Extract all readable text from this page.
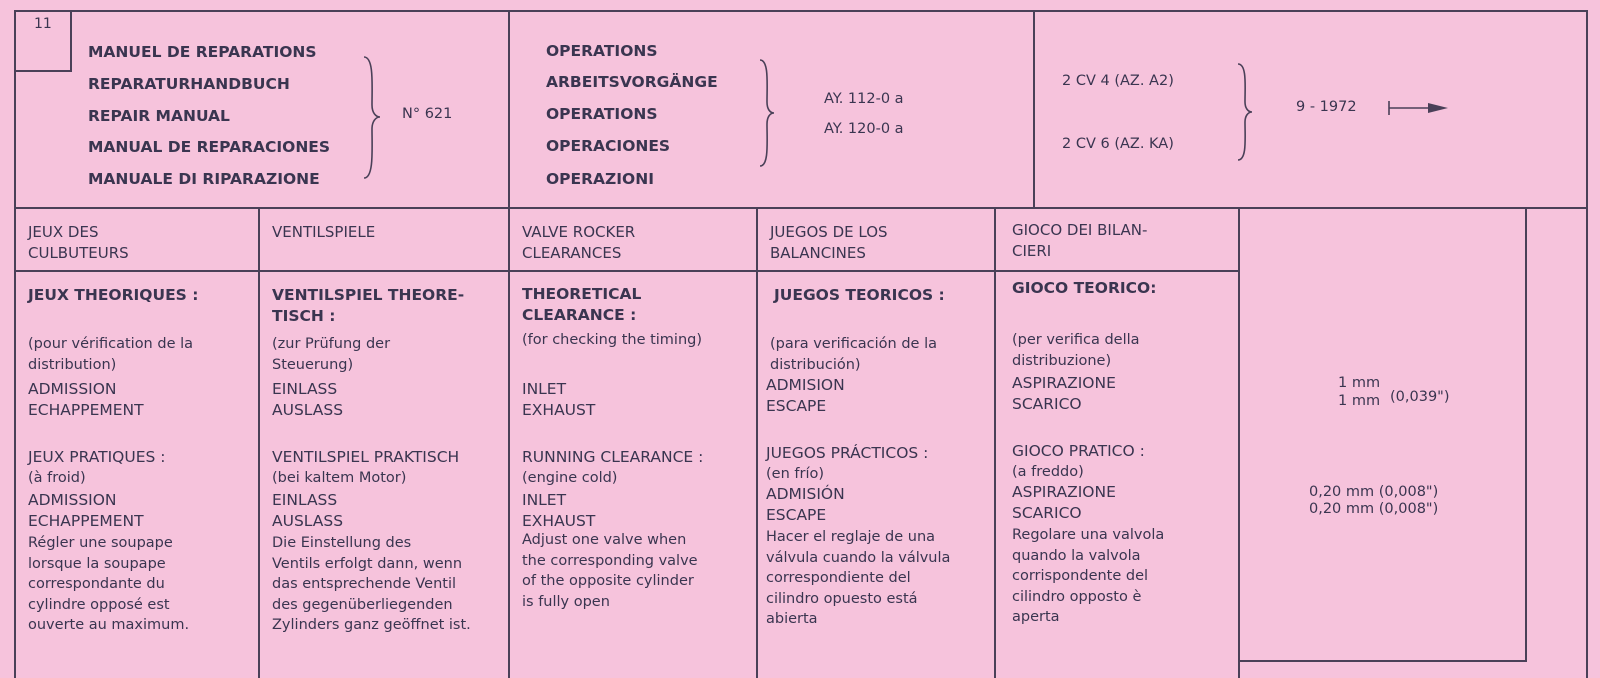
11
MANUEL DE REPARATIONS
REPARATURHANDBUCH
REPAIR MANUAL
MANUAL DE REPARACIONES
MANUALE DI RIPARAZIONE
N° 621
OPERATIONS
ARBEITSVORGÄNGE
OPERATIONS
OPERACIONES
OPERAZIONI
AY. 112-0 a
AY. 120-0 a
2 CV 4 (AZ. A2)
2 CV 6 (AZ. KA)
9 - 1972
JEUX DES
CULBUTEURS
JEUX THEORIQUES :
(pour vérification de la
distribution)
ADMISSION
ECHAPPEMENT
JEUX PRATIQUES :
(à froid)
ADMISSION
ECHAPPEMENT
Régler une soupape
lorsque la soupape
correspondante du
cylindre opposé est
ouverte au maximum.
VENTILSPIELE
VENTILSPIEL THEORE-
TISCH :
(zur Prüfung der
Steuerung)
EINLASS
AUSLASS
VENTILSPIEL PRAKTISCH
(bei kaltem Motor)
EINLASS
AUSLASS
Die Einstellung des
Ventils erfolgt dann, wenn
das entsprechende Ventil
des gegenüberliegenden
Zylinders ganz geöffnet ist.
VALVE ROCKER
CLEARANCES
THEORETICAL
CLEARANCE :
(for checking the timing)
INLET
EXHAUST
RUNNING CLEARANCE :
(engine cold)
INLET
EXHAUST
Adjust one valve when
the corresponding valve
of the opposite cylinder
is fully open
JUEGOS DE LOS
BALANCINES
JUEGOS TEORICOS :
(para verificación de la
distribución)
ADMISION
ESCAPE
JUEGOS PRÁCTICOS :
(en frío)
ADMISIÓN
ESCAPE
Hacer el reglaje de una
válvula cuando la válvula
correspondiente del
cilindro opuesto está
abierta
GIOCO DEI BILAN-
CIERI
GIOCO TEORICO:
(per verifica della
distribuzione)
ASPIRAZIONE
SCARICO
GIOCO PRATICO :
(a freddo)
ASPIRAZIONE
SCARICO
Regolare una valvola
quando la valvola
corrispondente del
cilindro opposto è
aperta
1 mm
1 mm (0,039")
0,20 mm (0,008")
0,20 mm (0,008")
